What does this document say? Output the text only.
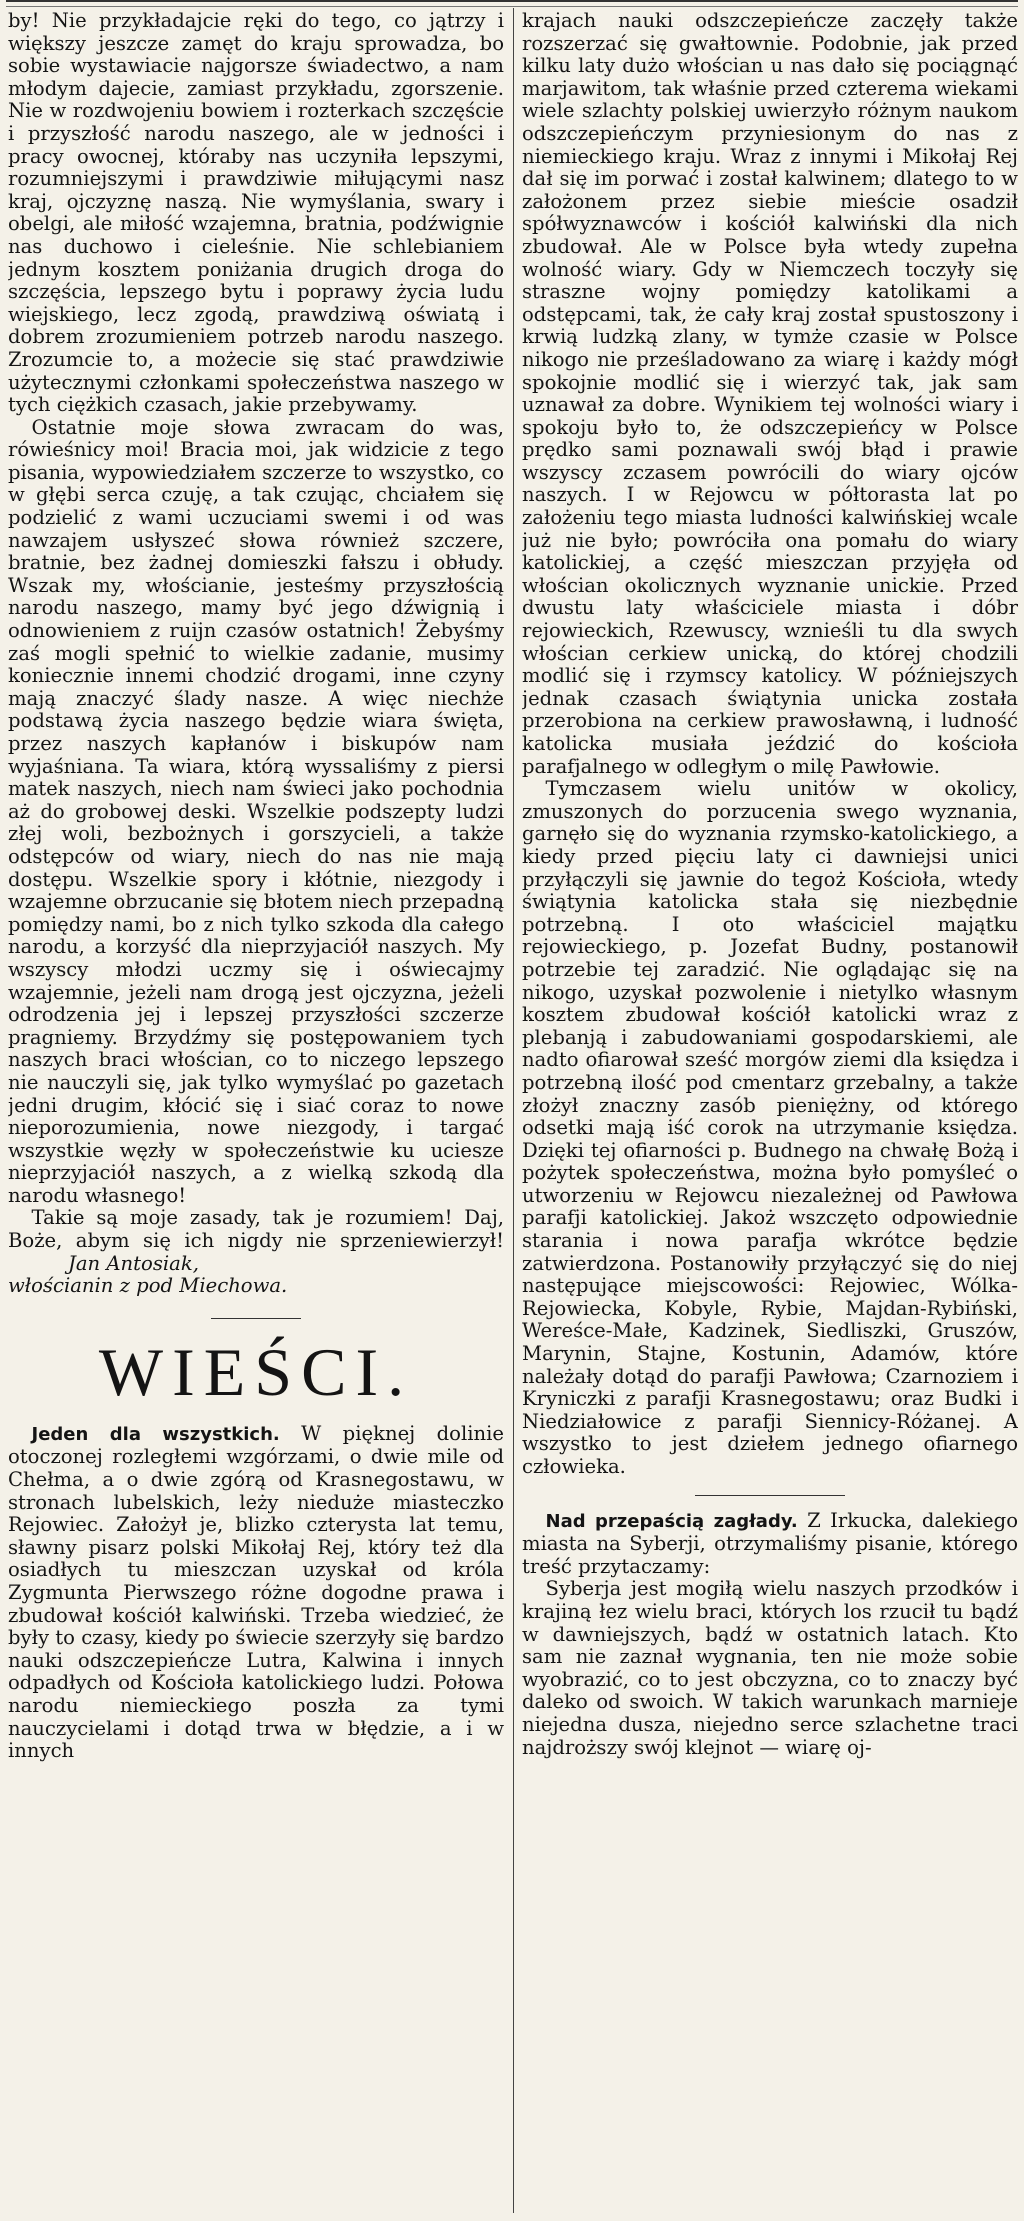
by! Nie przykładajcie ręki do tego, co jątrzy i większy jeszcze zamęt do kraju sprowadza, bo sobie wystawiacie najgorsze świadectwo, a nam młodym dajecie, zamiast przykładu, zgorszenie. Nie w rozdwojeniu bowiem i rozterkach szczęście i przyszłość narodu naszego, ale w jedności i pracy owocnej, któraby nas uczyniła lepszymi, rozumniejszymi i prawdziwie miłującymi nasz kraj, ojczyznę naszą. Nie wymyślania, swary i obelgi, ale miłość wzajemna, bratnia, podźwignie nas duchowo i cieleśnie. Nie schlebianiem jednym kosztem poniżania drugich droga do szczęścia, lepszego bytu i poprawy życia ludu wiejskiego, lecz zgodą, prawdziwą oświatą i dobrem zrozumieniem potrzeb narodu naszego. Zrozumcie to, a możecie się stać prawdziwie użytecznymi członkami społeczeństwa naszego w tych ciężkich czasach, jakie przebywamy.

Ostatnie moje słowa zwracam do was, rówieśnicy moi! Bracia moi, jak widzicie z tego pisania, wypowiedziałem szczerze to wszystko, co w głębi serca czuję, a tak czując, chciałem się podzielić z wami uczuciami swemi i od was nawzajem usłyszeć słowa również szczere, bratnie, bez żadnej domieszki fałszu i obłudy. Wszak my, włościanie, jesteśmy przyszłością narodu naszego, mamy być jego dźwignią i odnowieniem z ruijn czasów ostatnich! Żebyśmy zaś mogli spełnić to wielkie zadanie, musimy koniecznie innemi chodzić drogami, inne czyny mają znaczyć ślady nasze. A więc niechże podstawą życia naszego będzie wiara święta, przez naszych kapłanów i biskupów nam wyjaśniana. Ta wiara, którą wyssaliśmy z piersi matek naszych, niech nam świeci jako pochodnia aż do grobowej deski. Wszelkie podszepty ludzi złej woli, bezbożnych i gorszycieli, a także odstępców od wiary, niech do nas nie mają dostępu. Wszelkie spory i kłótnie, niezgody i wzajemne obrzucanie się błotem niech przepadną pomiędzy nami, bo z nich tylko szkoda dla całego narodu, a korzyść dla nieprzyjaciół naszych. My wszyscy młodzi uczmy się i oświecajmy wzajemnie, jeżeli nam drogą jest ojczyzna, jeżeli odrodzenia jej i lepszej przyszłości szczerze pragniemy. Brzydźmy się postępowaniem tych naszych braci włościan, co to niczego lepszego nie nauczyli się, jak tylko wymyślać po gazetach jedni drugim, kłócić się i siać coraz to nowe nieporozumienia, nowe niezgody, i targać wszystkie węzły w społeczeństwie ku uciesze nieprzyjaciół naszych, a z wielką szkodą dla narodu własnego!

Takie są moje zasady, tak je rozumiem! Daj, Boże, abym się ich nigdy nie sprzeniewierzył! Jan Antosiak,

włościanin z pod Miechowa.

WIEŚCI.

Jeden dla wszystkich. W pięknej dolinie otoczonej rozległemi wzgórzami, o dwie mile od Chełma, a o dwie zgórą od Krasnegostawu, w stronach lubelskich, leży nieduże miasteczko Rejowiec. Założył je, blizko czterysta lat temu, sławny pisarz polski Mikołaj Rej, który też dla osiadłych tu mieszczan uzyskał od króla Zygmunta Pierwszego różne dogodne prawa i zbudował kościół kalwiński. Trzeba wiedzieć, że były to czasy, kiedy po świecie szerzyły się bardzo nauki odszczepieńcze Lutra, Kalwina i innych odpadłych od Kościoła katolickiego ludzi. Połowa narodu niemieckiego poszła za tymi nauczycielami i dotąd trwa w błędzie, a i w innych

krajach nauki odszczepieńcze zaczęły także rozszerzać się gwałtownie. Podobnie, jak przed kilku laty dużo włościan u nas dało się pociągnąć marjawitom, tak właśnie przed czterema wiekami wiele szlachty polskiej uwierzyło różnym naukom odszczepieńczym przyniesionym do nas z niemieckiego kraju. Wraz z innymi i Mikołaj Rej dał się im porwać i został kalwinem; dlatego to w założonem przez siebie mieście osadził spółwyznawców i kościół kalwiński dla nich zbudował. Ale w Polsce była wtedy zupełna wolność wiary. Gdy w Niemczech toczyły się straszne wojny pomiędzy katolikami a odstępcami, tak, że cały kraj został spustoszony i krwią ludzką zlany, w tymże czasie w Polsce nikogo nie prześladowano za wiarę i każdy mógł spokojnie modlić się i wierzyć tak, jak sam uznawał za dobre. Wynikiem tej wolności wiary i spokoju było to, że odszczepieńcy w Polsce prędko sami poznawali swój błąd i prawie wszyscy zczasem powrócili do wiary ojców naszych. I w Rejowcu w półtorasta lat po założeniu tego miasta ludności kalwińskiej wcale już nie było; powróciła ona pomału do wiary katolickiej, a część mieszczan przyjęła od włościan okolicznych wyznanie unickie. Przed dwustu laty właściciele miasta i dóbr rejowieckich, Rzewuscy, wznieśli tu dla swych włościan cerkiew unicką, do której chodzili modlić się i rzymscy katolicy. W późniejszych jednak czasach świątynia unicka została przerobiona na cerkiew prawosławną, i ludność katolicka musiała jeździć do kościoła parafjalnego w odległym o milę Pawłowie.

Tymczasem wielu unitów w okolicy, zmuszonych do porzucenia swego wyznania, garnęło się do wyznania rzymsko-katolickiego, a kiedy przed pięciu laty ci dawniejsi unici przyłączyli się jawnie do tegoż Kościoła, wtedy świątynia katolicka stała się niezbędnie potrzebną. I oto właściciel majątku rejowieckiego, p. Jozefat Budny, postanowił potrzebie tej zaradzić. Nie oglądając się na nikogo, uzyskał pozwolenie i nietylko własnym kosztem zbudował kościół katolicki wraz z plebanją i zabudowaniami gospodarskiemi, ale nadto ofiarował sześć morgów ziemi dla księdza i potrzebną ilość pod cmentarz grzebalny, a także złożył znaczny zasób pieniężny, od którego odsetki mają iść corok na utrzymanie księdza. Dzięki tej ofiarności p. Budnego na chwałę Bożą i pożytek społeczeństwa, można było pomyśleć o utworzeniu w Rejowcu niezależnej od Pawłowa parafji katolickiej. Jakoż wszczęto odpowiednie starania i nowa parafja wkrótce będzie zatwierdzona. Postanowiły przyłączyć się do niej następujące miejscowości: Rejowiec, Wólka-Rejowiecka, Kobyle, Rybie, Majdan-Rybiński, Wereśce-Małe, Kadzinek, Siedliszki, Gruszów, Marynin, Stajne, Kostunin, Adamów, które należały dotąd do parafji Pawłowa; Czarnoziem i Kryniczki z parafji Krasnegostawu; oraz Budki i Niedziałowice z parafji Siennicy-Różanej. A wszystko to jest dziełem jednego ofiarnego człowieka.

Nad przepaścią zagłady. Z Irkucka, dalekiego miasta na Syberji, otrzymaliśmy pisanie, którego treść przytaczamy:

Syberja jest mogiłą wielu naszych przodków i krajiną łez wielu braci, których los rzucił tu bądź w dawniejszych, bądź w ostatnich latach. Kto sam nie zaznał wygnania, ten nie może sobie wyobrazić, co to jest obczyzna, co to znaczy być daleko od swoich. W takich warunkach marnieje niejedna dusza, niejedno serce szlachetne traci najdroższy swój klejnot — wiarę oj-
